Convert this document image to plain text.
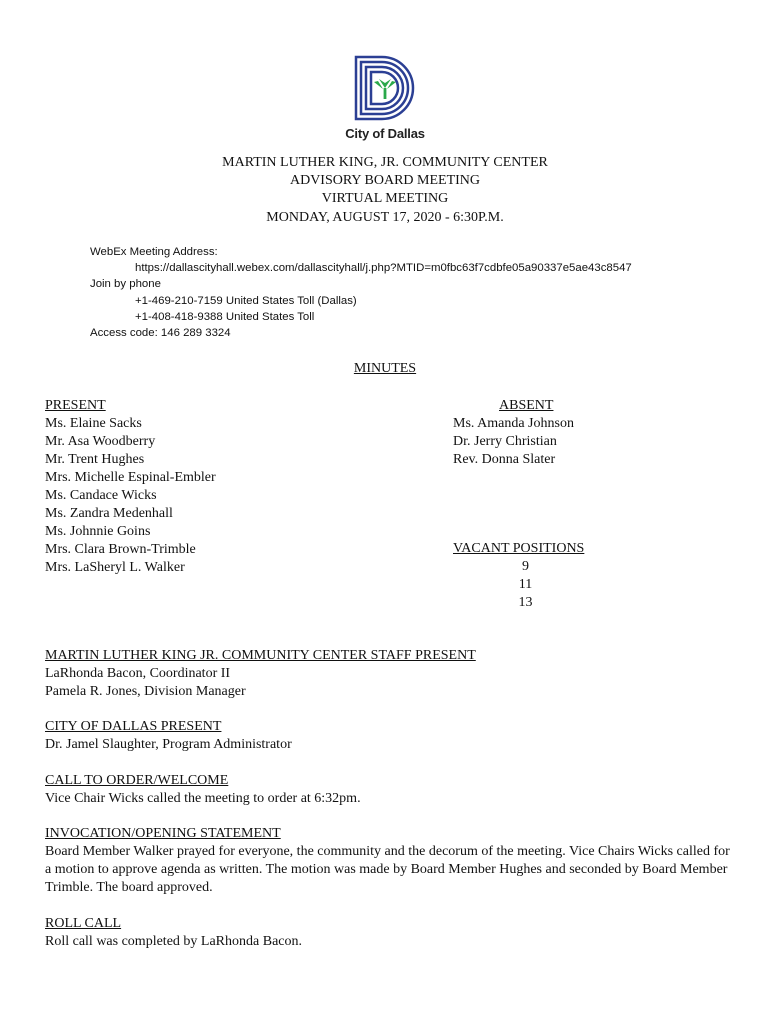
City of Dallas
MARTIN LUTHER KING, JR. COMMUNITY CENTER
ADVISORY BOARD MEETING
VIRTUAL MEETING
MONDAY, AUGUST 17, 2020 - 6:30P.M.
WebEx Meeting Address:
https://dallascityhall.webex.com/dallascityhall/j.php?MTID=m0fbc63f7cdbfe05a90337e5ae43c8547
Join by phone
+1-469-210-7159 United States Toll (Dallas)
+1-408-418-9388 United States Toll
Access code: 146 289 3324
MINUTES
PRESENT
Ms. Elaine Sacks
Mr. Asa Woodberry
Mr. Trent Hughes
Mrs. Michelle Espinal-Embler
Ms. Candace Wicks
Ms. Zandra Medenhall
Ms. Johnnie Goins
Mrs. Clara Brown-Trimble
Mrs. LaSheryl L. Walker
ABSENT
Ms. Amanda Johnson
Dr. Jerry Christian
Rev. Donna Slater
VACANT POSITIONS
9
11
13
MARTIN LUTHER KING JR. COMMUNITY CENTER STAFF PRESENT
LaRhonda Bacon, Coordinator II
Pamela R. Jones, Division Manager
CITY OF DALLAS PRESENT
Dr. Jamel Slaughter, Program Administrator
CALL TO ORDER/WELCOME
Vice Chair Wicks called the meeting to order at 6:32pm.
INVOCATION/OPENING STATEMENT
Board Member Walker prayed for everyone, the community and the decorum of the meeting. Vice Chairs Wicks called for a motion to approve agenda as written. The motion was made by Board Member Hughes and seconded by Board Member Trimble. The board approved.
ROLL CALL
Roll call was completed by LaRhonda Bacon.
